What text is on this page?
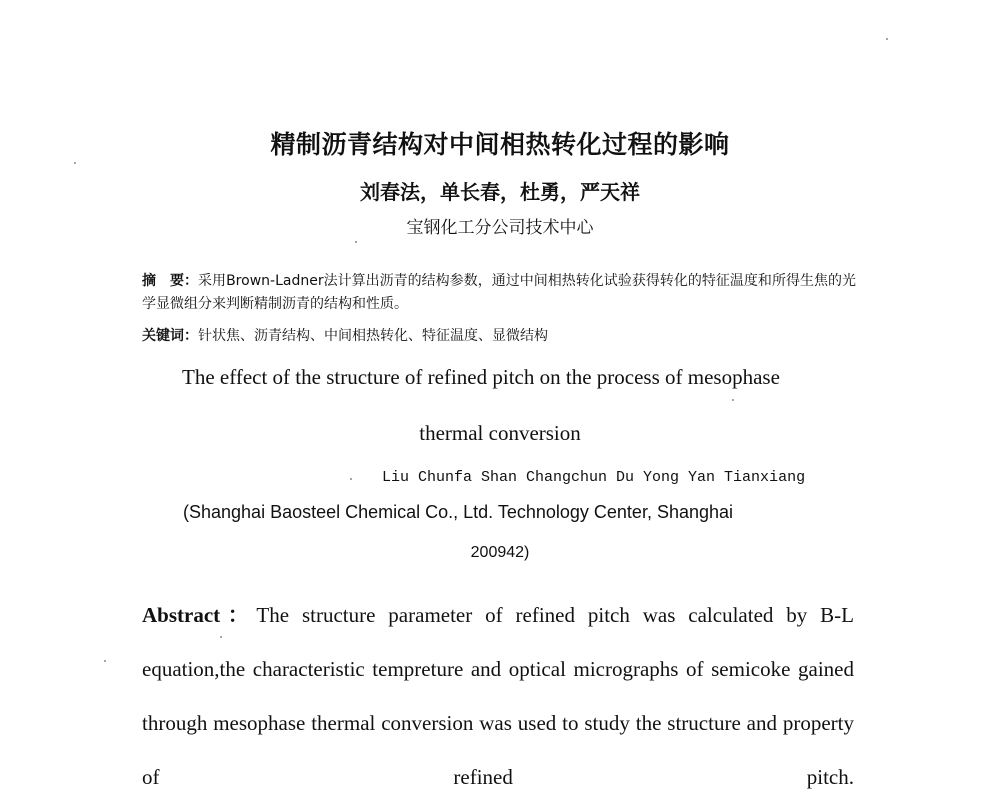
精制沥青结构对中间相热转化过程的影响
刘春法，单长春，杜勇，严天祥
宝钢化工分公司技术中心
摘　要：采用Brown-Ladner法计算出沥青的结构参数，通过中间相热转化试验获得转化的特征温度和所得生焦的光学显微组分来判断精制沥青的结构和性质。
关键词：针状焦、沥青结构、中间相热转化、特征温度、显微结构
The effect of the structure of refined pitch on the process of mesophase
thermal conversion
Liu Chunfa Shan Changchun Du Yong Yan Tianxiang
(Shanghai Baosteel Chemical Co., Ltd. Technology Center, Shanghai
200942)
Abstract：The structure parameter of refined pitch was calculated by B-L equation,the characteristic tempreture and optical micrographs of semicoke gained through mesophase thermal conversion was used to study the structure and property of refined pitch.
